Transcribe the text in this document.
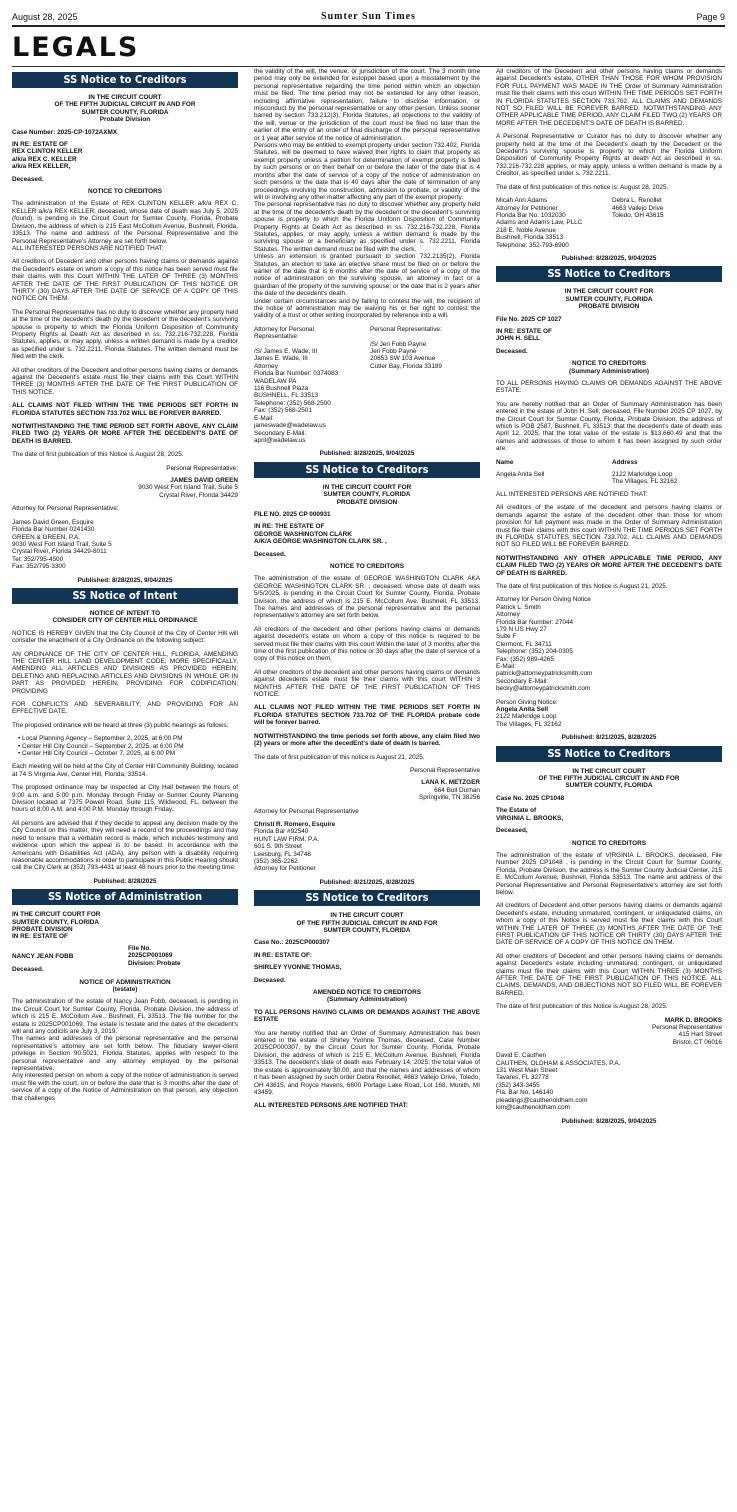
August 28, 2025	Sumter Sun Times	Page 9
LEGALS
SS Notice to Creditors
IN THE CIRCUIT COURT
OF THE FIFTH JUDICIAL CIRCUIT IN AND FOR
SUMTER COUNTY, FLORIDA
Probate Division
Case Number: 2025-CP-1072AXMX
IN RE: ESTATE OF
REX CLINTON KELLER
a/k/a REX C. KELLER
a/k/a REX KELLER,
Deceased.
NOTICE TO CREDITORS
The administration of the Estate of REX CLINTON KELLER a/k/a REX C. KELLER a/k/a REX KELLER, deceased, whose date of death was July 5, 2025 (found), is pending in the Circuit Court for Sumter County, Florida, Probate Division, the address of which is 215 East McCollum Avenue, Bushnell, Florida, 33513. The name and address of the Personal Representative and the Personal Representative's Attorney are set forth below.
ALL INTERESTED PERSONS ARE NOTIFIED THAT:
All creditors of Decedent and other persons having claims or demands against the Decedent's estate on whom a copy of this notice has been served must file their claims with this Court WITHIN THE LATER OF THREE (3) MONTHS AFTER THE DATE OF THE FIRST PUBLICATION OF THIS NOTICE OR THIRTY (30) DAYS AFTER THE DATE OF SERVICE OF A COPY OF THIS NOTICE ON THEM.
The Personal Representative has no duty to discover whether any property held at the time of the decedent's death by the decedent or the decedent's surviving spouse is property to which the Florida Uniform Disposition of Community Property Rights at Death Act as described in ss. 732.216-732.228, Florida Statutes, applies, or may apply, unless a written demand is made by a creditor as specified under s. 732.2211, Florida Statutes. The written demand must be filed with the clerk.
All other creditors of the Decedent and other persons having claims or demands against the Decedent's estate must file their claims with this Court WITHIN THREE (3) MONTHS AFTER THE DATE OF THE FIRST PUBLICATION OF THIS NOTICE.
ALL CLAIMS NOT FILED WITHIN THE TIME PERIODS SET FORTH IN FLORIDA STATUTES SECTION 733.702 WILL BE FOREVER BARRED.
NOTWITHSTANDING THE TIME PERIOD SET FORTH ABOVE, ANY CLAIM FILED TWO (2) YEARS OR MORE AFTER THE DECEDENT'S DATE OF DEATH IS BARRED.
The date of first publication of this Notice is August 28, 2025.
Personal Representative:
JAMES DAVID GREEN
9030 West Fort Island Trail, Suite 5
Crystal River, Florida 34429
Attorney for Personal Representative:
James David Green, Esquire
Florida Bar Number 0241430
GREEN & GREEN, P.A.
9030 West Fort Island Trail, Suite 5
Crystal River, Florida 34429-8011
Tel: 352/795-4500
Fax: 352/795-3300
Published: 8/28/2025, 9/04/2025
SS Notice of Intent
NOTICE OF INTENT TO
CONSIDER CITY OF CENTER HILL ORDINANCE
NOTICE IS HEREBY GIVEN that the City Council of the City of Center Hill will consider the enactment of a City Ordinance on the following subject:
AN ORDINANCE OF THE CITY OF CENTER HILL, FLORIDA, AMENDING THE CENTER HILL LAND DEVELOPMENT CODE; MORE SPECIFICALLY, AMENDING ALL ARTICLES AND DIVISIONS AS PROVIDED HEREIN; DELETING AND REPLACING ARTICLES AND DIVISIONS IN WHOLE OR IN PART AS PROVIDED HEREIN; PROVIDING FOR CODIFICATION; PROVIDING
FOR CONFLICTS AND SEVERABILITY; AND PROVIDING FOR AN EFFECTIVE DATE.
The proposed ordinance will be heard at three (3) public hearings as follows:
• Local Planning Agency – September 2, 2025, at 6:00 PM
• Center Hill City Council – September 2, 2025, at 6:00 PM
• Center Hill City Council – October 7, 2025, at 6:00 PM
Each meeting will be held at the City of Center Hill Community Building, located at 74 S Virginia Ave, Center Hill, Florida, 33514.
The proposed ordinance may be inspected at City Hall between the hours of 9:00 a.m. and 5:00 p.m. Monday through Friday or Sumter County Planning Division located at 7375 Powell Road, Suite 115, Wildwood, FL, between the hours of 8:00 A.M. and 4:00 P.M. Monday through Friday.
All persons are advised that if they decide to appeal any decision made by the City Council on this matter, they will need a record of the proceedings and may need to ensure that a verbatim record is made, which includes testimony and evidence upon which the appeal is to be based. In accordance with the Americans with Disabilities Act (ADA), any person with a disability requiring reasonable accommodations in order to participate in this Public Hearing should call the City Clerk at (352) 793-4431 at least 48 hours prior to the meeting time.
Published: 8/28/2025
SS Notice of Administration
IN THE CIRCUIT COURT FOR
SUMTER COUNTY, FLORIDA
PROBATE DIVISION
IN RE: ESTATE OF
NANCY JEAN FOBB
File No.
2025CP001069
Deceased.
Division: Probate
NOTICE OF ADMINISTRATION
(testate)
The administration of the estate of Nancy Jean Fobb, deceased, is pending in the Circuit Court for Sumter County, Florida, Probate Division, the address of which is 215 E. McCollum Ave., Bushnell, FL 33513. The file number for the estate is 2025CP001069. The estate is testate and the dates of the decedent's will and any codicils are July 3, 2019.
The names and addresses of the personal representative and the personal representative's attorney are set forth below. The fiduciary lawyer-client privilege in Section 90.5021, Florida Statutes, applies with respect to the personal representative and any attorney employed by the personal representative.
Any interested person on whom a copy of the notice of administration is served must file with the court, on or before the date that is 3 months after the date of service of a copy of the Notice of Administration on that person, any objection that challenges
the validity of the will, the venue, or jurisdiction of the court. The 3 month time period may only be extended for estoppel based upon a misstatement by the personal representative regarding the time period within which an objection must be filed. The time period may not be extended for any other reason, including affirmative representation, failure to disclose information, or misconduct by the personal representative or any other person. Unless sooner barred by section 733.212(3), Florida Statutes, all objections to the validity of the will, venue or the jurisdiction of the court must be filed no later than the earlier of the entry of an order of final discharge of the personal representative or 1 year after service of the notice of administration.
Persons who may be entitled to exempt property under section 732.402, Florida Statutes, will be deemed to have waived their rights to claim that property as exempt property unless a petition for determination of exempt property is filed by such persons or on their behalf on or before the later of the date that is 4 months after the date of service of a copy of the notice of administration on such persons or the date that is 40 days after the date of termination of any proceedings involving the construction, admission to probate, or validity of the will or involving any other matter affecting any part of the exempt property.
The personal representative has no duty to discover whether any property held at the time of the decedent's death by the decedent or the decedent's surviving spouse is property to which the Florida Uniform Disposition of Community Property Rights at Death Act as described in ss. 732.216-732.228, Florida Statutes, applies, or may apply, unless a written demand is made by the surviving spouse or a beneficiary as specified under s. 732.2211, Florida Statutes. The written demand must be filed with the clerk.
Unless an extension is granted pursuant to section 732.2135(2), Florida Statutes, an election to take an elective share must be filed on or before the earlier of the date that is 6 months after the date of service of a copy of the notice of administration on the surviving spouse, an attorney in fact or a guardian of the property of the surviving spouse; or the date that is 2 years after the date of the decedent's death.
Under certain circumstances and by failing to contest the will, the recipient of the notice of administration may be waiving his or her right to contest the validity of a trust or other writing incorporated by reference into a will.
Attorney for Personal
Representative:

/S/ James E. Wade, III
James E. Wade, III
Attorney
Florida Bar Number: 0374083
WADELAW PA
116 Bushnell Plaza
BUSHNELL, FL 33513
Telephone: (352) 568-2500
Fax: (352) 568-2501
E-Mail:
jameswade@wadelaw.us
Secondary E-Mail:
april@wadelaw.us
Personal Representative:

/S/ Jeri Fobb Payne
Jeri Fobb Payne
20653 SW 103 Avenue
Cutler Bay, Florida 33189
Published: 8/28/2025, 9/04/2025
SS Notice to Creditors
IN THE CIRCUIT COURT FOR
SUMTER COUNTY, FLORIDA
PROBATE DIVISION
FILE NO. 2025 CP 000931
IN RE: THE ESTATE OF
GEORGE WASHINGTON CLARK
A/K/A GEORGE WASHINGTON CLARK SR. ,
Deceased.
NOTICE TO CREDITORS
The administration of the estate of GEORGE WASHINGTON CLARK AKA GEORGE WASHINGTON CLARK SR. , deceased, whose date of death was 5/5/2025, is pending in the Circuit Court for Sumter County, Florida, Probate Division, the address of which is 215 E. McCollum Ave, Bushnell, FL 33513. The names and addresses of the personal representative and the personal representative's attorney are set forth below.
All creditors of the decedent and other persons having claims or demands against decedent's estate on whom a copy of this notice is required to be served must file their claims with this court Within the later of 3 months after the time of the first publication of this notice or 30 days after the date of service of a copy of this notice on them.
All other creditors of the decedent and other persons having claims or demands against decedents estate must file their claims with this court WITHIN 3 MONTHS AFTER THE DATE OF THE FIRST PUBLICATION OF THIS NOTICE.
ALL CLAIMS NOT FILED WITHIN THE TIME PERIODS SET FORTH IN FLORIDA STATUTES SECTION 733.702 OF THE FLORIDA probate code will be forever barred.
NOTWITHSTANDING the time periods set forth above, any claim filed two (2) years or more after the decedEnt's date of death is barred.
The date of first publication of this notice is August 21, 2025.
Personal Representative
LANA K. METZGER
664 Bull Durhan
Springville, TN 38256
Attorney for Personal Representative
Christi R. Romero, Esquire
Florida Bar #92540
HUNT LAW FIRM, P.A.
601 S. 9th Street
Leesburg, FL 34748
(352) 365-2262
Attorney for Petitioner
Published: 8/21/2025, 8/28/2025
SS Notice to Creditors
IN THE CIRCUIT COURT
OF THE FIFTH JUDICIAL CIRCUIT IN AND FOR
SUMTER COUNTY, FLORIDA
Case No.: 2025CP000307
IN RE: ESTATE OF:
SHIRLEY YVONNE THOMAS,
Deceased.
AMENDED NOTICE TO CREDITORS
(Summary Administration)
TO ALL PERSONS HAVING CLAIMS OR DEMANDS AGAINST THE ABOVE ESTATE
You are hereby notified that an Order of Summary Administration has been entered in the estate of Shirley Yvonne Thomas, deceased, Case Number 2025CP000307, by the Circuit Court for Sumter County, Florida, Probate Division, the address of which is 215 E. McCollum Avenue, Bushnell, Florida 33513. The decedent's date of death was February 14, 2025; the total value of the estate is approximately $0.00, and that the names and addresses of whom it has been assigned by such order Debra Renollet, 4663 Vallejo Drive, Toledo, OH 43615, and Royce Havens, 6600 Portage Lake Road, Lot 168, Munith, MI 43459.
ALL INTERESTED PERSONS ARE NOTIFIED THAT:
All creditors of the Decedent and other persons having claims or demands against Decedent's estate, OTHER THAN THOSE FOR WHOM PROVISION FOR FULL PAYMENT WAS MADE IN THE Order of Summary Administration must file their claims with this court WITHIN THE TIME PERIODS SET FORTH IN FLORIDA STATUTES SECTION 733.702. ALL CLAIMS AND DEMANDS NOT SO FILED WILL BE FOREVER BARRED. NOTWITHSTANDING ANY OTHER APPLICABLE TIME PERIOD, ANY CLAIM FILED TWO (2) YEARS OR MORE AFTER THE DECEDENT'S DATE OF DEATH IS BARRED.
A Personal Representative or Curator has no duty to discover whether any property held at the time of the Decedent's death by the Decedent or the Decedent's surviving spouse is property to which the Florida Uniform Disposition of Community Property Rights at death Act as described in ss. 732.216-732.228 applies, or may apply, unless a written demand is made by a Creditor, as specified under s. 732.2211.
The date of first publication of this notice is: August 28, 2025.
Micah Ann Adams
Attorney for Petitioner
Florida Bar No. 1032030
Adams and Adams Law, PLLC
218 E. Noble Avenue
Bushnell, Florida 33513
Telephone: 352-793-6900
Debra L. Renollet
4663 Vallejo Drive
Toledo, OH 43615
Published: 8/28/2025, 9/04/2025
SS Notice to Creditors
IN THE CIRCUIT COURT FOR
SUMTER COUNTY, FLORIDA
PROBATE DIVISION
File No. 2025 CP 1027
IN RE: ESTATE OF
JOHN H. SELL
Deceased.
NOTICE TO CREDITORS
(Summary Administration)
TO ALL PERSONS HAVING CLAIMS OR DEMANDS AGAINST THE ABOVE ESTATE:
You are hereby notified that an Order of Summary Administration has been entered in the estate of John H. Sell, deceased, File Number 2025 CP 1027, by the Circuit Court for Sumter County, Florida, Probate Division, the address of which is POB 2587, Bushnell, FL 33513; that the decedent's date of death was April 12, 2025; that the total value of the estate is $13,660.49 and that the names and addresses of those to whom it has been assigned by such order are:
Name	Address
Angela Anita Sell	2122 Markridge Loop
The Villages, FL 32162
ALL INTERESTED PERSONS ARE NOTIFIED THAT:
All creditors of the estate of the decedent and persons having claims or demands against the estate of the decedent other than those for whom provision for full payment was made in the Order of Summary Administration must file their claims with this court WITHIN THE TIME PERIODS SET FORTH IN FLORIDA STATUTES SECTION 733.702. ALL CLAIMS AND DEMANDS NOT SO FILED WILL BE FOREVER BARRED.
NOTWITHSTANDING ANY OTHER APPLICABLE TIME PERIOD, ANY CLAIM FILED TWO (2) YEARS OR MORE AFTER THE DECEDENT'S DATE OF DEATH IS BARRED.
The date of first publication of this Notice is August 21, 2025.
Attorney for Person Giving Notice
Patrick L. Smith
Attorney
Florida Bar Number: 27044
179 N US Hwy 27
Suite F
Clermont, FL 34711
Telephone: (352) 204-0305
Fax: (352) 989-4265
E-Mail:
patrick@attorneypatricksmith.com
Secondary E-Mail:
becky@attorneypatricksmith.com
Person Giving Notice:
Angela Anita Sell
2122 Markridge Loop
The Villages, FL 32162
Published: 8/21/2025, 8/28/2025
SS Notice to Creditors
IN THE CIRCUIT COURT
OF THE FIFTH JUDICIAL CIRCUIT IN AND FOR
SUMTER COUNTY, FLORIDA
Case No. 2025 CP1048
The Estate of
VIRGINIA L. BROOKS,
Deceased,
NOTICE TO CREDITORS
The administration of the estate of VIRGINIA L. BROOKS, deceased, File Number 2025 CP1048 , is pending in the Circuit Court for Sumter County, Florida, Probate Division, the address is the Sumter County Judicial Center, 215 E. McCollum Avenue, Bushnell, Florida 33513. The name and address of the Personal Representative and Personal Representative's attorney are set forth below.
All creditors of Decedent and other persons having claims or demands against Decedent's estate, including unmatured, contingent, or unliquidated claims, on whom a copy of this Notice is served must file their claims with this Court WITHIN THE LATER OF THREE (3) MONTHS AFTER THE DATE OF THE FIRST PUBLICATION OF THIS NOTICE OR THIRTY (30) DAYS AFTER THE DATE OF SERVICE OF A COPY OF THIS NOTICE ON THEM.
All other creditors of Decedent and other persons having claims or demands against Decedent's estate including unmatured, contingent, or unliquidated claims must file their claims with this Court WITHIN THREE (3) MONTHS AFTER THE DATE OF THE FIRST PUBLICATION OF THIS NOTICE. ALL CLAIMS, DEMANDS, AND OBJECTIONS NOT SO FILED WILL BE FOREVER BARRED.
The date of first publication of this Notice is August 28, 2025.
MARK D. BROOKS
Personal Representative
415 Hart Street
Bristol, CT 06016
David E. Cauthen
CAUTHEN, OLDHAM & ASSOCIATES, P.A.
131 West Main Street
Tavares, FL 32778
(352) 343-3455
Fla. Bar No. 146140
pleadings@cauthenoldham.com
kim@cauthenoldham.com
Published: 8/28/2025, 9/04/2025
